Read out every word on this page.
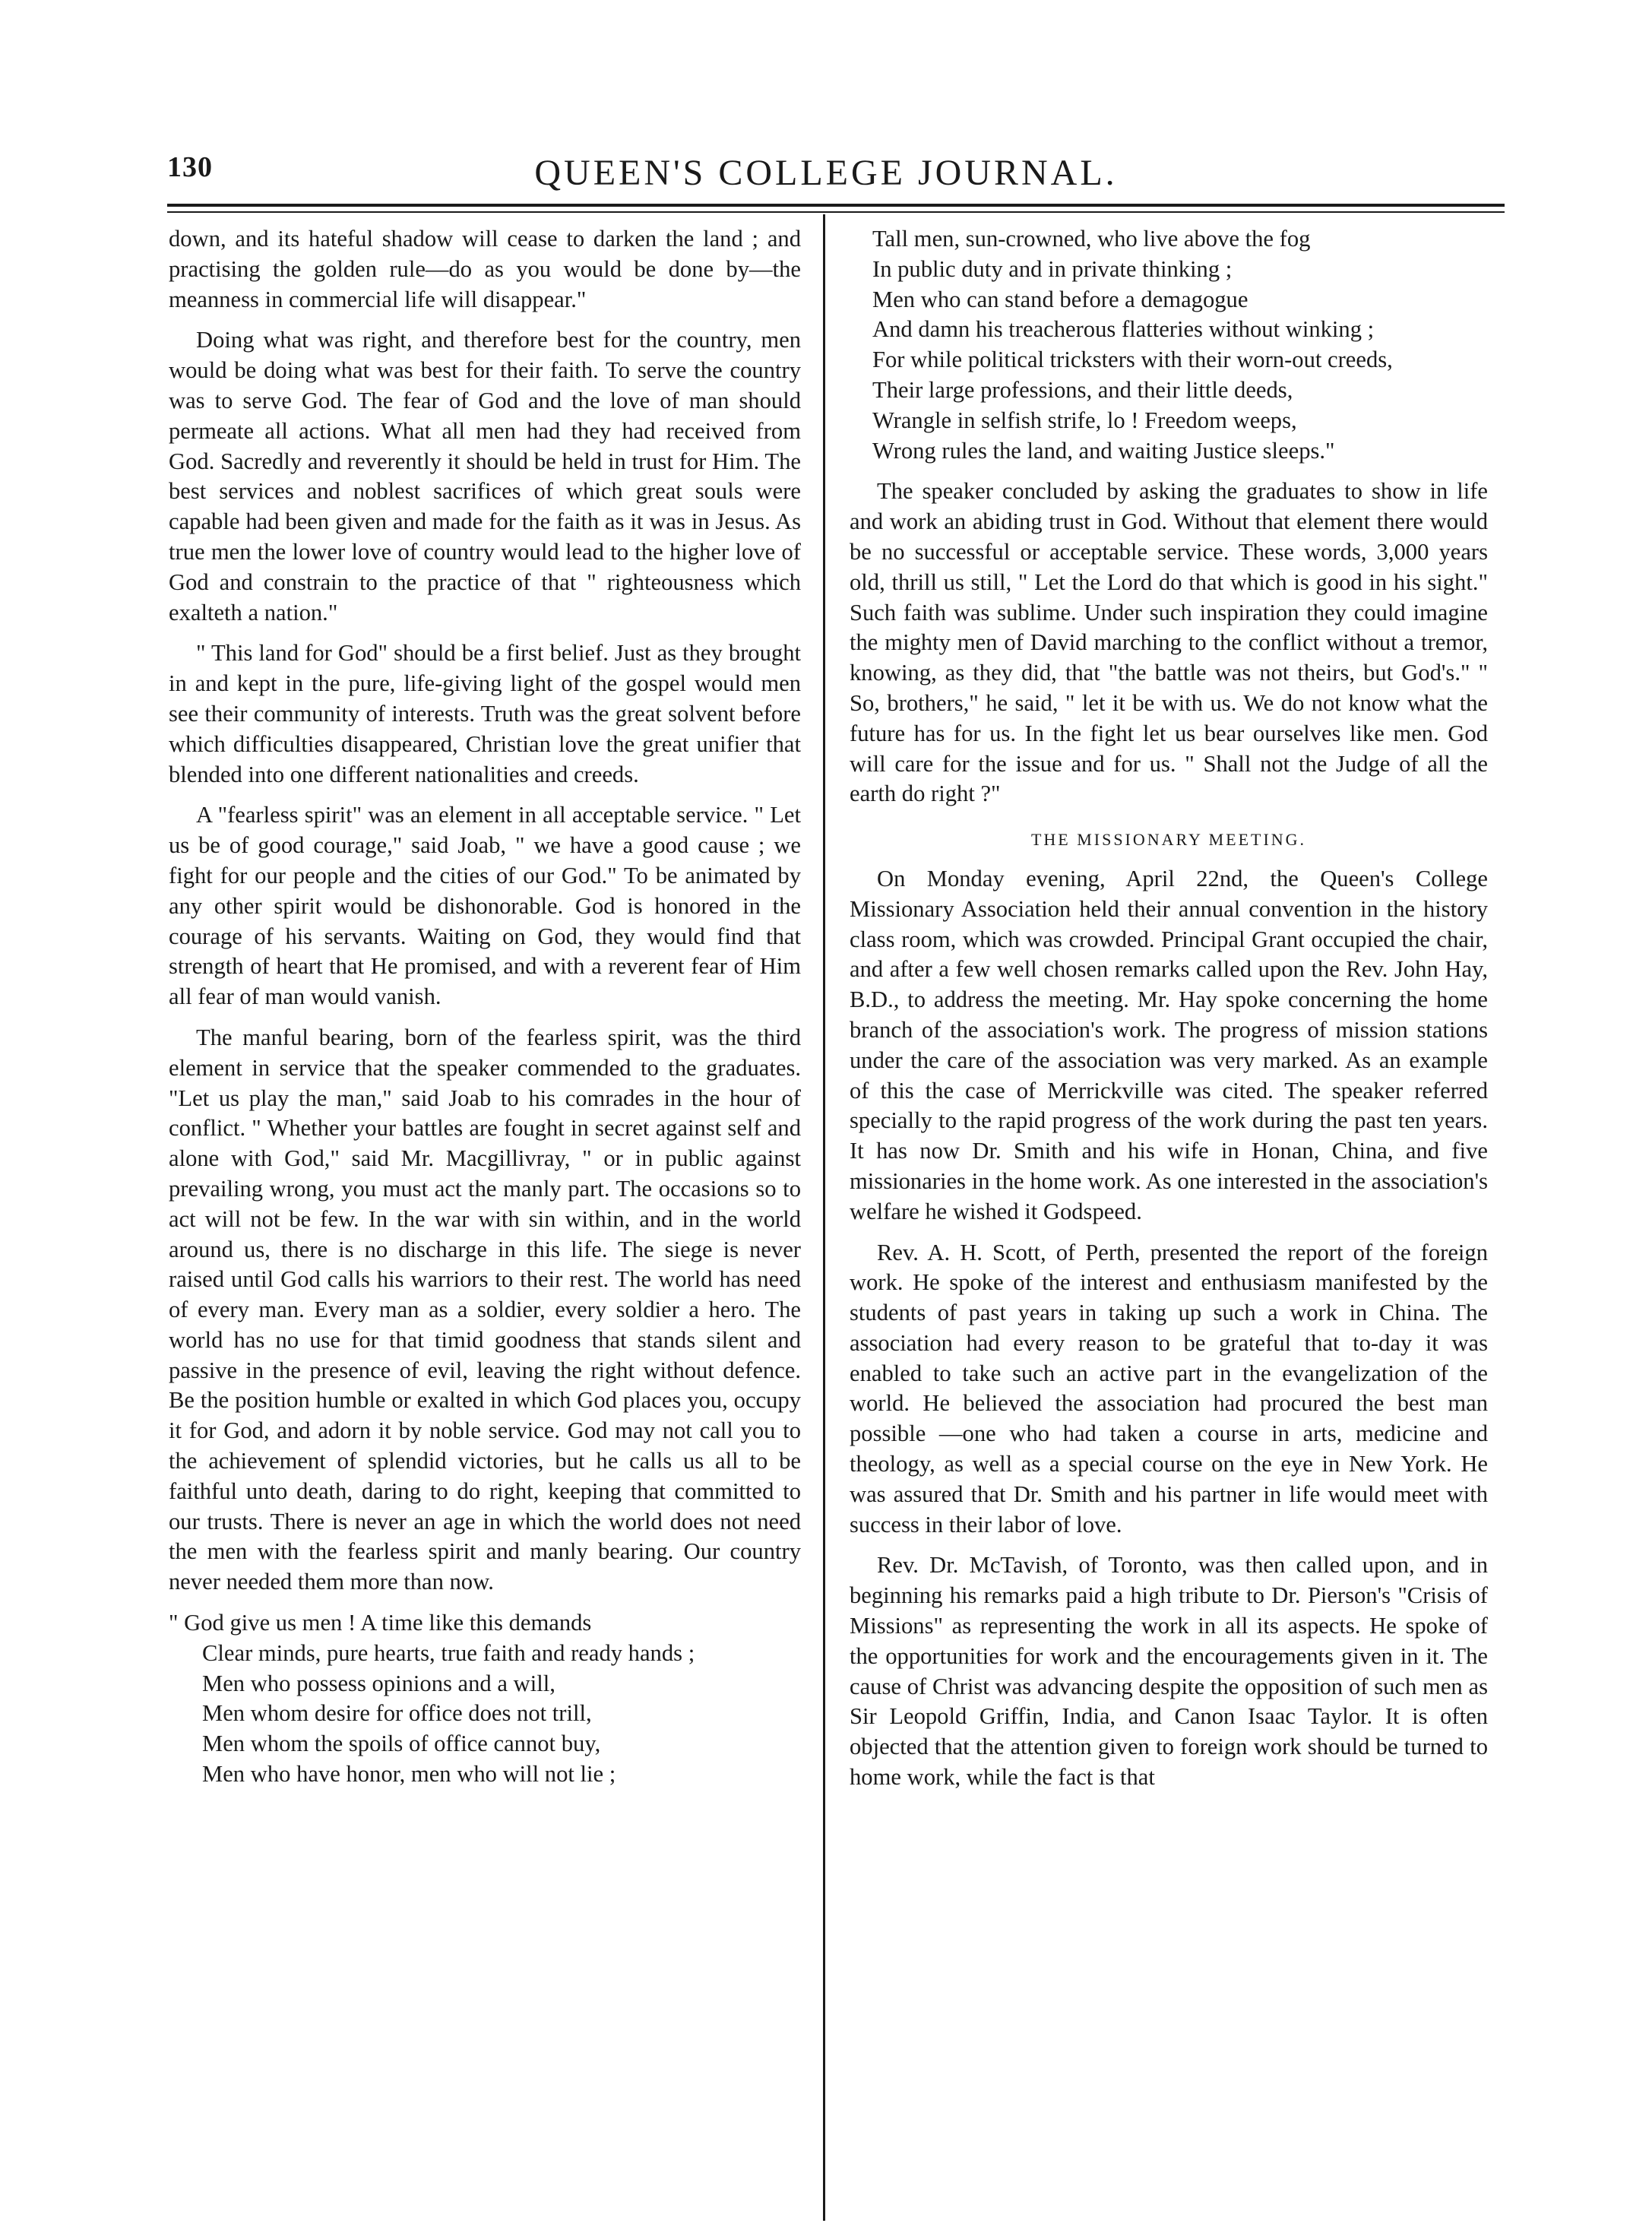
130	QUEEN'S COLLEGE JOURNAL.

down, and its hateful shadow will cease to darken the land ; and practising the golden rule—do as you would be done by—the meanness in commercial life will disappear."

Doing what was right, and therefore best for the country, men would be doing what was best for their faith. To serve the country was to serve God. The fear of God and the love of man should permeate all actions. What all men had they had received from God. Sacredly and reverently it should be held in trust for Him. The best services and noblest sacrifices of which great souls were capable had been given and made for the faith as it was in Jesus. As true men the lower love of country would lead to the higher love of God and constrain to the practice of that " righteousness which exalteth a nation."

" This land for God" should be a first belief. Just as they brought in and kept in the pure, life-giving light of the gospel would men see their community of interests. Truth was the great solvent before which difficulties disappeared, Christian love the great unifier that blended into one different nationalities and creeds.

A "fearless spirit" was an element in all acceptable service. " Let us be of good courage," said Joab, " we have a good cause ; we fight for our people and the cities of our God." To be animated by any other spirit would be dishonorable. God is honored in the courage of his servants. Waiting on God, they would find that strength of heart that He promised, and with a reverent fear of Him all fear of man would vanish.

The manful bearing, born of the fearless spirit, was the third element in service that the speaker commended to the graduates. "Let us play the man," said Joab to his comrades in the hour of conflict. " Whether your battles are fought in secret against self and alone with God," said Mr. Macgillivray, " or in public against prevailing wrong, you must act the manly part. The occasions so to act will not be few. In the war with sin within, and in the world around us, there is no discharge in this life. The siege is never raised until God calls his warriors to their rest. The world has need of every man. Every man as a soldier, every soldier a hero. The world has no use for that timid goodness that stands silent and passive in the presence of evil, leaving the right without defence. Be the position humble or exalted in which God places you, occupy it for God, and adorn it by noble service. God may not call you to the achievement of splendid victories, but he calls us all to be faithful unto death, daring to do right, keeping that committed to our trusts. There is never an age in which the world does not need the men with the fearless spirit and manly bearing. Our country never needed them more than now.

" God give us men ! A time like this demands
Clear minds, pure hearts, true faith and ready hands ;
Men who possess opinions and a will,
Men whom desire for office does not trill,
Men whom the spoils of office cannot buy,
Men who have honor, men who will not lie ;
Tall men, sun-crowned, who live above the fog
In public duty and in private thinking ;
Men who can stand before a demagogue
And damn his treacherous flatteries without winking ;
For while political tricksters with their worn-out creeds,
Their large professions, and their little deeds,
Wrangle in selfish strife, lo ! Freedom weeps,
Wrong rules the land, and waiting Justice sleeps."

The speaker concluded by asking the graduates to show in life and work an abiding trust in God. Without that element there would be no successful or acceptable service. These words, 3,000 years old, thrill us still, " Let the Lord do that which is good in his sight." Such faith was sublime. Under such inspiration they could imagine the mighty men of David marching to the conflict without a tremor, knowing, as they did, that "the battle was not theirs, but God's." " So, brothers," he said, " let it be with us. We do not know what the future has for us. In the fight let us bear ourselves like men. God will care for the issue and for us. " Shall not the Judge of all the earth do right ?"

THE MISSIONARY MEETING.

On Monday evening, April 22nd, the Queen's College Missionary Association held their annual convention in the history class room, which was crowded. Principal Grant occupied the chair, and after a few well chosen remarks called upon the Rev. John Hay, B.D., to address the meeting. Mr. Hay spoke concerning the home branch of the association's work. The progress of mission stations under the care of the association was very marked. As an example of this the case of Merrickville was cited. The speaker referred specially to the rapid progress of the work during the past ten years. It has now Dr. Smith and his wife in Honan, China, and five missionaries in the home work. As one interested in the association's welfare he wished it Godspeed.

Rev. A. H. Scott, of Perth, presented the report of the foreign work. He spoke of the interest and enthusiasm manifested by the students of past years in taking up such a work in China. The association had every reason to be grateful that to-day it was enabled to take such an active part in the evangelization of the world. He believed the association had procured the best man possible —one who had taken a course in arts, medicine and theology, as well as a special course on the eye in New York. He was assured that Dr. Smith and his partner in life would meet with success in their labor of love.

Rev. Dr. McTavish, of Toronto, was then called upon, and in beginning his remarks paid a high tribute to Dr. Pierson's "Crisis of Missions" as representing the work in all its aspects. He spoke of the opportunities for work and the encouragements given in it. The cause of Christ was advancing despite the opposition of such men as Sir Leopold Griffin, India, and Canon Isaac Taylor. It is often objected that the attention given to foreign work should be turned to home work, while the fact is that
